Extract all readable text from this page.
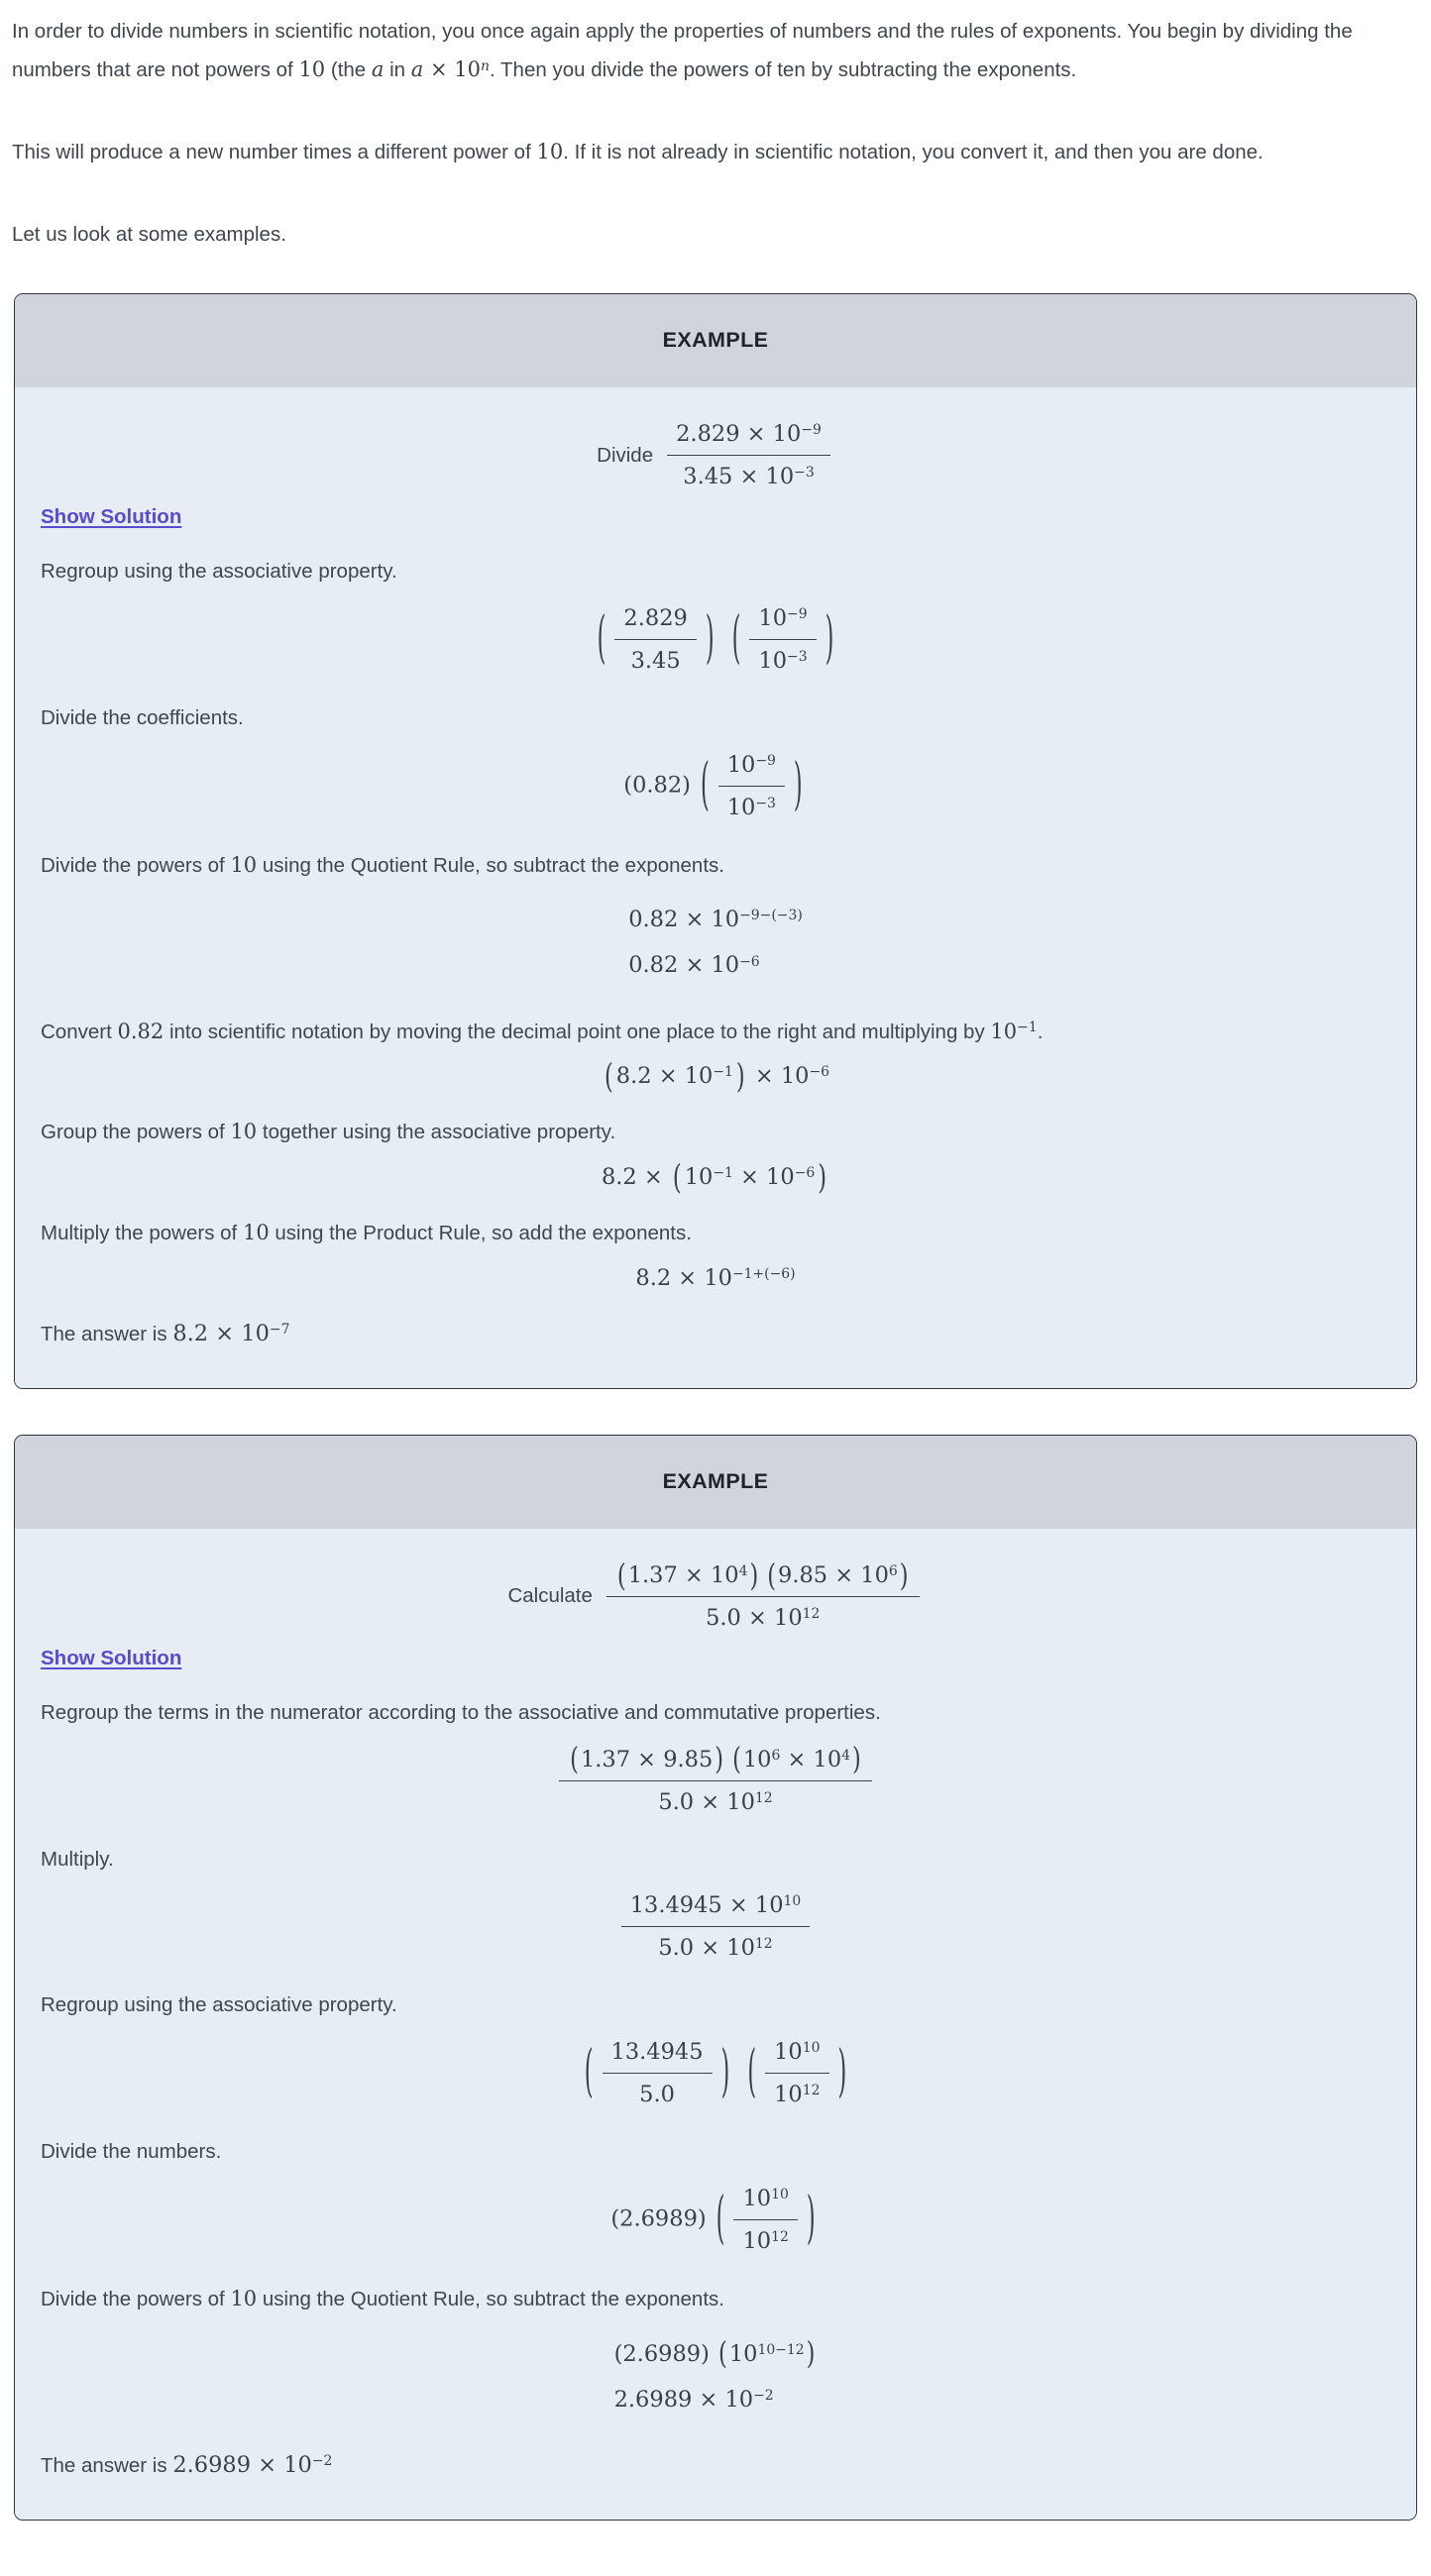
In order to divide numbers in scientific notation, you once again apply the properties of numbers and the rules of exponents. You begin by dividing the numbers that are not powers of 10 (the a in $a \times 10^n$. Then you divide the powers of ten by subtracting the exponents.

This will produce a new number times a different power of 10. If it is not already in scientific notation, you convert it, and then you are done.

Let us look at some examples.

EXAMPLE
Divide $\frac{2.829 \times 10^{-9}}{3.45 \times 10^{-3}}$

Show Solution

Regroup using the associative property.

( $\frac{2.829}{3.45}$ ) ( $\frac{10^{-9}}{10^{-3}}$ )

Divide the coefficients.

(0.82) ( $\frac{10^{-9}}{10^{-3}}$ )

Divide the powers of 10 using the Quotient Rule, so subtract the exponents.

$0.82 \times 10^{-9-(-3)}$
$0.82 \times 10^{-6}$

Convert 0.82 into scientific notation by moving the decimal point one place to the right and multiplying by $10^{-1}$.

( $8.2 \times 10^{-1}$ ) × $10^{-6}$

Group the powers of 10 together using the associative property.

8.2 × ( $10^{-1} \times 10^{-6}$ )

Multiply the powers of 10 using the Product Rule, so add the exponents.

$8.2 \times 10^{-1+(-6)}$

The answer is $8.2 \times 10^{-7}$

EXAMPLE
Calculate $\frac{(1.37 \times 10^4) (9.85 \times 10^6)}{5.0 \times 10^{12}}$

Show Solution

Regroup the terms in the numerator according to the associative and commutative properties.

$\frac{(1.37 \times 9.85) (10^6 \times 10^4)}{5.0 \times 10^{12}}$

Multiply.

$\frac{13.4945 \times 10^{10}}{5.0 \times 10^{12}}$

Regroup using the associative property.

( $\frac{13.4945}{5.0}$ ) ( $\frac{10^{10}}{10^{12}}$ )

Divide the numbers.

(2.6989) ( $\frac{10^{10}}{10^{12}}$ )

Divide the powers of 10 using the Quotient Rule, so subtract the exponents.

(2.6989) $(10^{10-12})$
$2.6989 \times 10^{-2}$

The answer is $2.6989 \times 10^{-2}$
